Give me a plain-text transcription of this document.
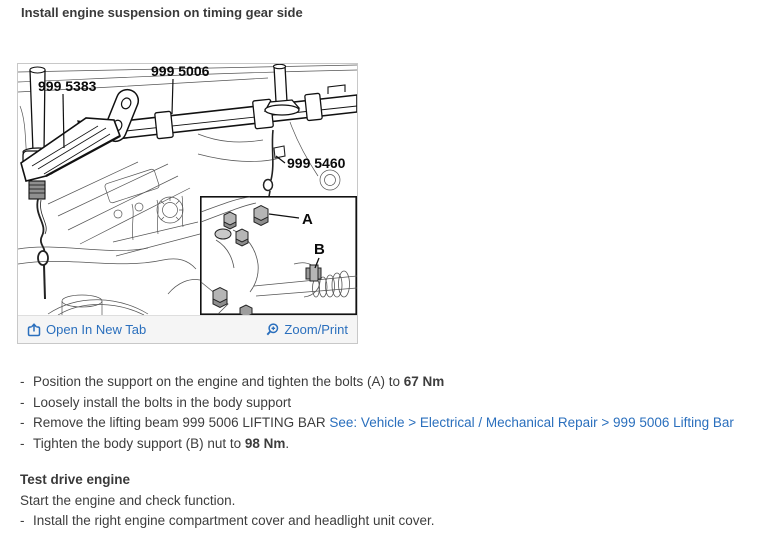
Install engine suspension on timing gear side
999 5383
999 5006
999 5460
A
B
Open In New Tab	Zoom/Print
- Position the support on the engine and tighten the bolts (A) to 67 Nm
- Loosely install the bolts in the body support
- Remove the lifting beam 999 5006 LIFTING BAR See: Vehicle > Electrical / Mechanical Repair > 999 5006 Lifting Bar
- Tighten the body support (B) nut to 98 Nm.
Test drive engine

Start the engine and check function.

- Install the right engine compartment cover and headlight unit cover.
